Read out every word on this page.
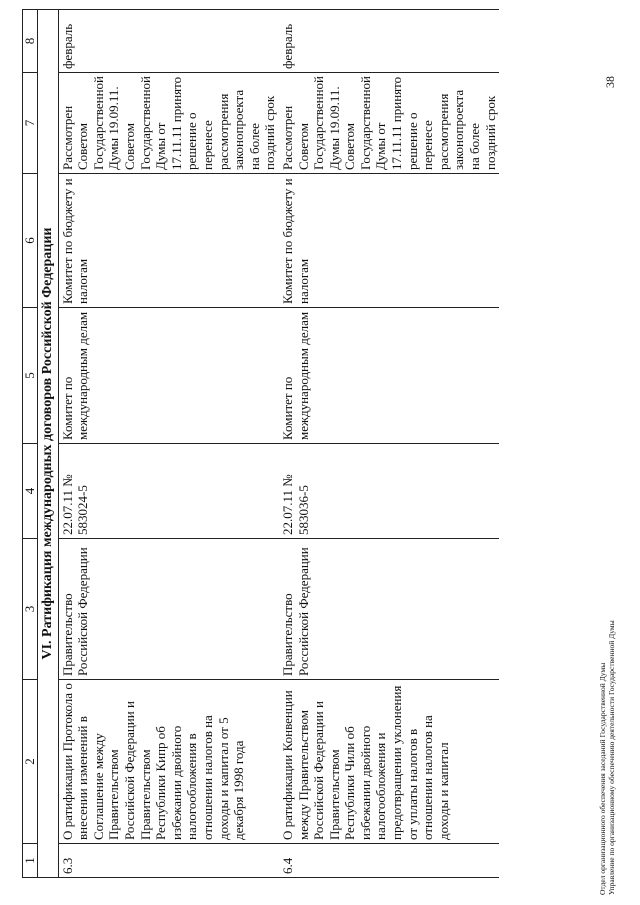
1	2	3	4	5	6	7	8
VI. Ратификация международных договоров Российской Федерации							
6.3	О ратификации Протокола о внесении изменений в Соглашение между Правительством Российской Федерации и Правительством Республики Кипр об избежании двойного налогообложения в отношении налогов на доходы и капитал от 5 декабря 1998 года	Правительство Российской Федерации	22.07.11 № 583024-5	Комитет по международным делам	Комитет по бюджету и налогам	Рассмотрен Советом Государственной Думы 19.09.11. Советом Государственной Думы от 17.11.11 принято решение о перенесе рассмотрения законопроекта на более поздний срок	февраль
6.4	О ратификации Конвенции между Правительством Российской Федерации и Правительством Республики Чили об избежании двойного налогообложения и предотвращении уклонения от уплаты налогов в отношении налогов на доходы и капитал	Правительство Российской Федерации	22.07.11 № 583036-5	Комитет по международным делам	Комитет по бюджету и налогам	Рассмотрен Советом Государственной Думы 19.09.11. Советом Государственной Думы от 17.11.11 принято решение о перенесе рассмотрения законопроекта на более поздний срок	февраль
38
Отдел организационного обеспечения заседаний Государственной Думы Управление по организационному обеспечению деятельности Государственной Думы
